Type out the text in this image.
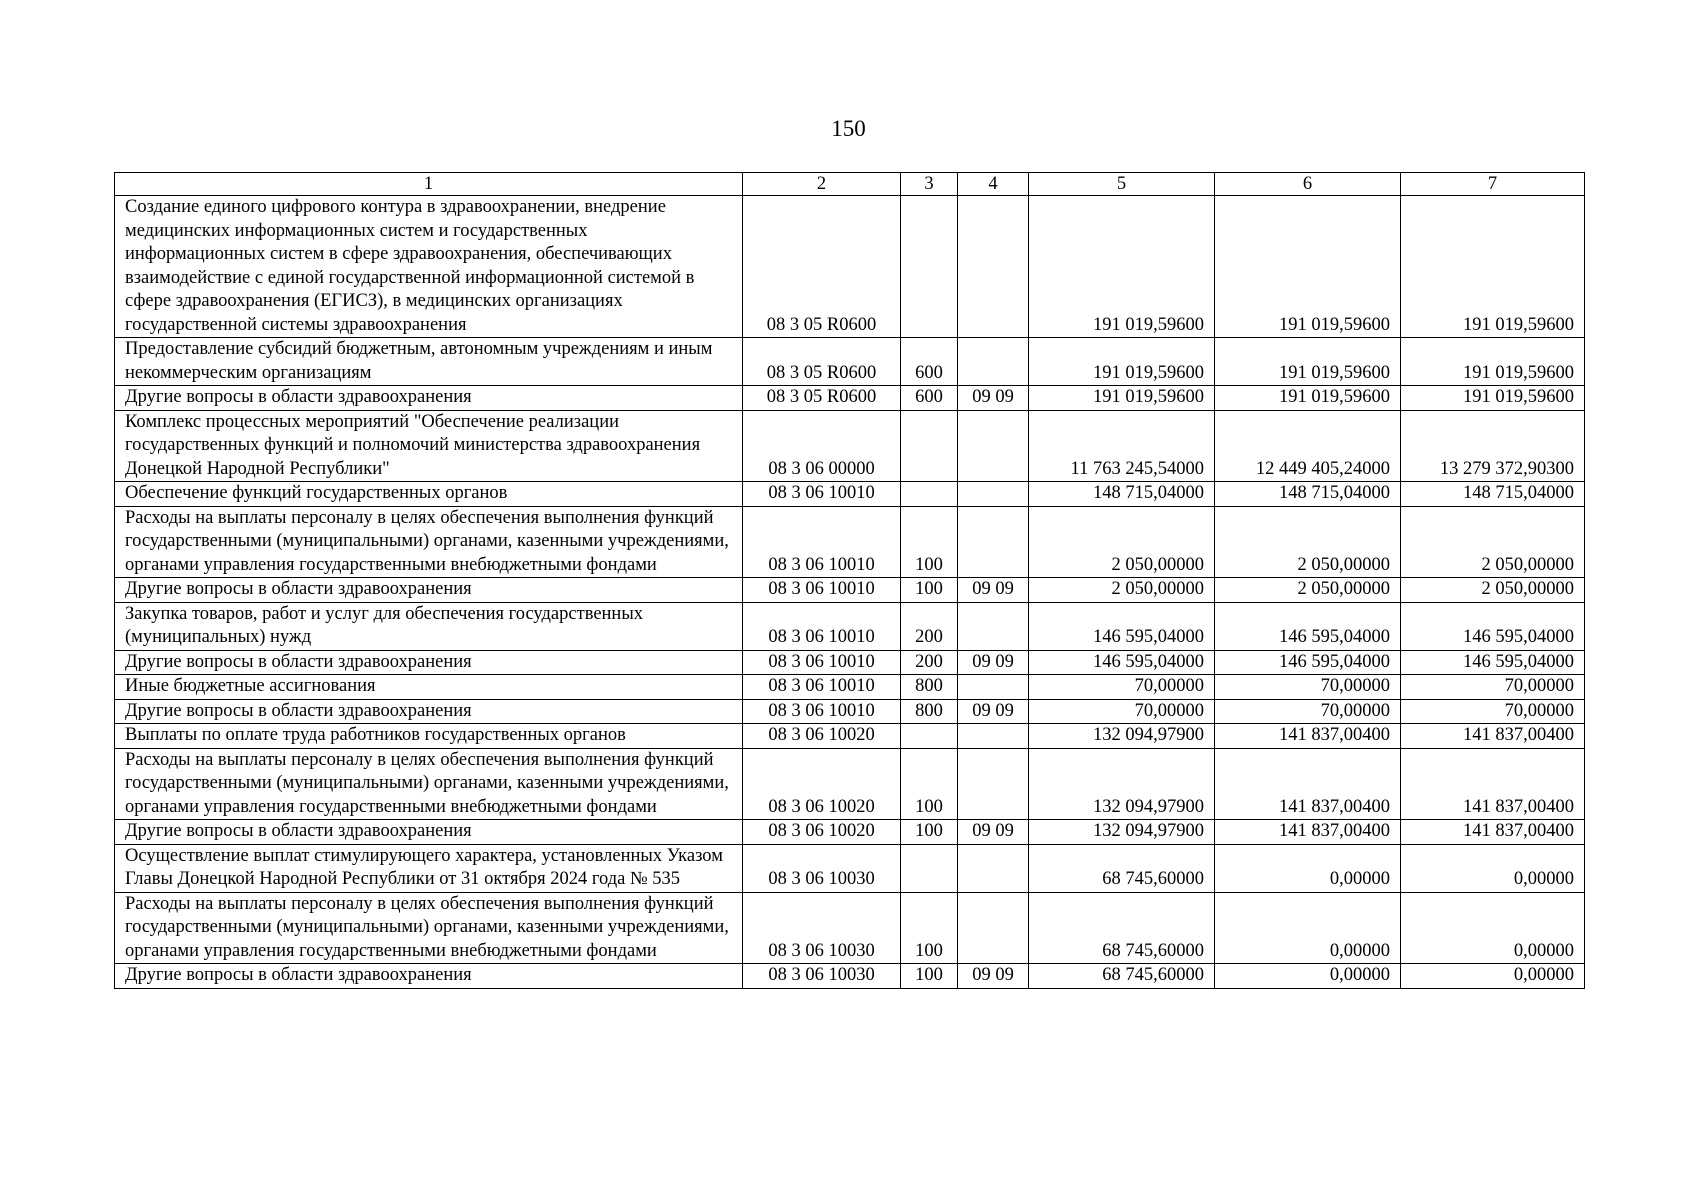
150
1	2	3	4	5	6	7
Создание единого цифрового контура в здравоохранении, внедрение медицинских информационных систем и государственных информационных систем в сфере здравоохранения, обеспечивающих взаимодействие с единой государственной информационной системой в сфере здравоохранения (ЕГИСЗ), в медицинских организациях государственной системы здравоохранения	08 3 05 R0600			191 019,59600	191 019,59600	191 019,59600
Предоставление субсидий бюджетным, автономным учреждениям и иным некоммерческим организациям	08 3 05 R0600	600		191 019,59600	191 019,59600	191 019,59600
Другие вопросы в области здравоохранения	08 3 05 R0600	600	09 09	191 019,59600	191 019,59600	191 019,59600
Комплекс процессных мероприятий "Обеспечение реализации государственных функций и полномочий министерства здравоохранения Донецкой Народной Республики"	08 3 06 00000			11 763 245,54000	12 449 405,24000	13 279 372,90300
Обеспечение функций государственных органов	08 3 06 10010			148 715,04000	148 715,04000	148 715,04000
Расходы на выплаты персоналу в целях обеспечения выполнения функций государственными (муниципальными) органами, казенными учреждениями, органами управления государственными внебюджетными фондами	08 3 06 10010	100		2 050,00000	2 050,00000	2 050,00000
Другие вопросы в области здравоохранения	08 3 06 10010	100	09 09	2 050,00000	2 050,00000	2 050,00000
Закупка товаров, работ и услуг для обеспечения государственных (муниципальных) нужд	08 3 06 10010	200		146 595,04000	146 595,04000	146 595,04000
Другие вопросы в области здравоохранения	08 3 06 10010	200	09 09	146 595,04000	146 595,04000	146 595,04000
Иные бюджетные ассигнования	08 3 06 10010	800		70,00000	70,00000	70,00000
Другие вопросы в области здравоохранения	08 3 06 10010	800	09 09	70,00000	70,00000	70,00000
Выплаты по оплате труда работников государственных органов	08 3 06 10020			132 094,97900	141 837,00400	141 837,00400
Расходы на выплаты персоналу в целях обеспечения выполнения функций государственными (муниципальными) органами, казенными учреждениями, органами управления государственными внебюджетными фондами	08 3 06 10020	100		132 094,97900	141 837,00400	141 837,00400
Другие вопросы в области здравоохранения	08 3 06 10020	100	09 09	132 094,97900	141 837,00400	141 837,00400
Осуществление выплат стимулирующего характера, установленных Указом Главы Донецкой Народной Республики от 31 октября 2024 года № 535	08 3 06 10030			68 745,60000	0,00000	0,00000
Расходы на выплаты персоналу в целях обеспечения выполнения функций государственными (муниципальными) органами, казенными учреждениями, органами управления государственными внебюджетными фондами	08 3 06 10030	100		68 745,60000	0,00000	0,00000
Другие вопросы в области здравоохранения	08 3 06 10030	100	09 09	68 745,60000	0,00000	0,00000
